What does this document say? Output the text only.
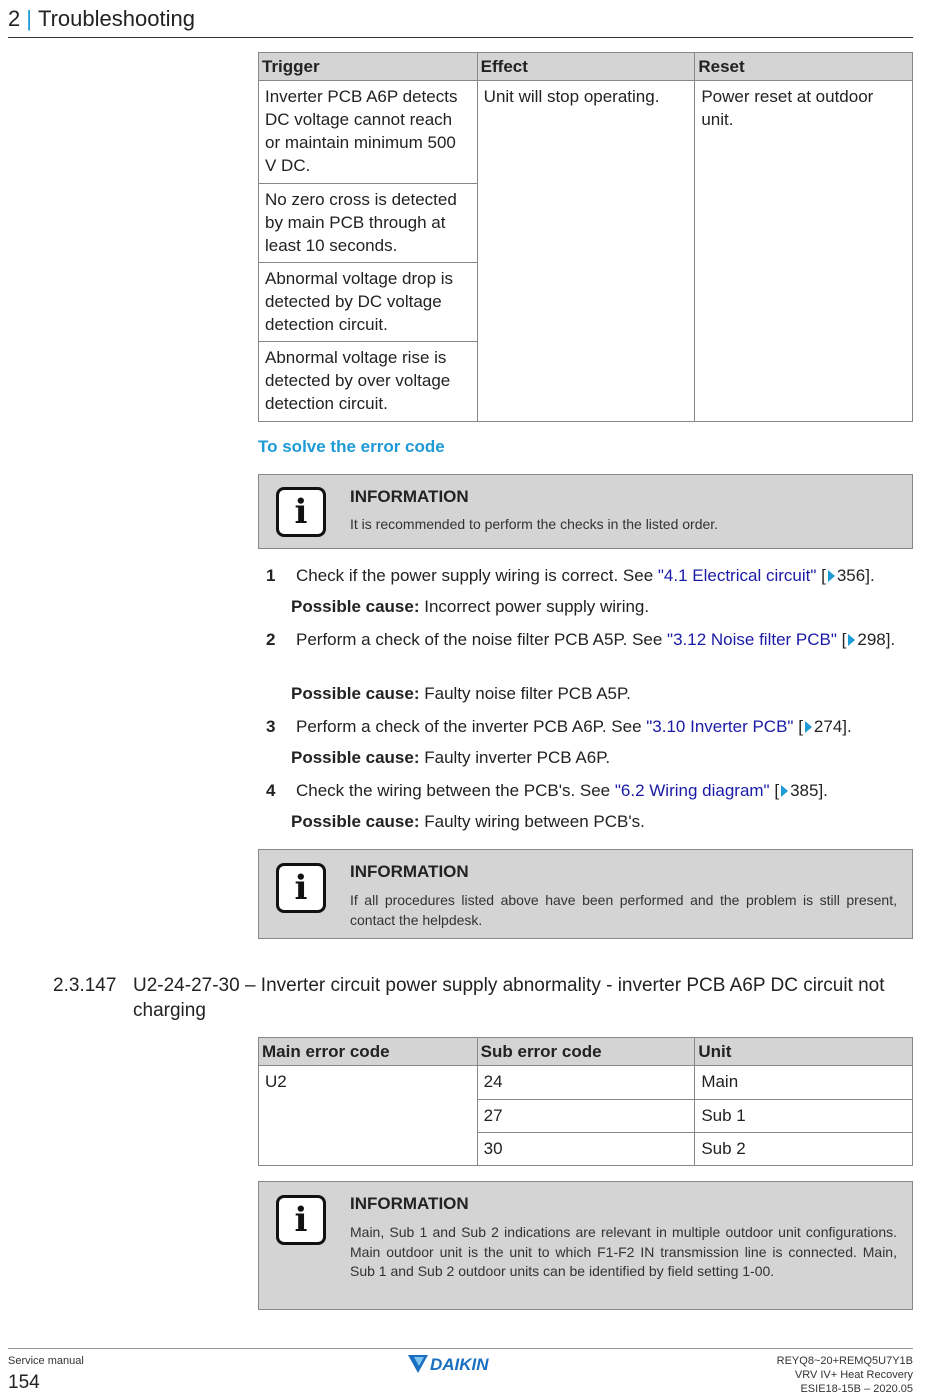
2 | Troubleshooting
Trigger	Effect	Reset
Inverter PCB A6P detects DC voltage cannot reach or maintain minimum 500 V DC.	Unit will stop operating.	Power reset at outdoor unit.
No zero cross is detected by main PCB through at least 10 seconds.		
Abnormal voltage drop is detected by DC voltage detection circuit.		
Abnormal voltage rise is detected by over voltage detection circuit.		
To solve the error code
i	INFORMATION
It is recommended to perform the checks in the listed order.
1 Check if the power supply wiring is correct. See "4.1 Electrical circuit" [ 356].
Possible cause: Incorrect power supply wiring.
2 Perform a check of the noise filter PCB A5P. See "3.12 Noise filter PCB" [ 298].
Possible cause: Faulty noise filter PCB A5P.
3 Perform a check of the inverter PCB A6P. See "3.10 Inverter PCB" [ 274].
Possible cause: Faulty inverter PCB A6P.
4 Check the wiring between the PCB's. See "6.2 Wiring diagram" [ 385].
Possible cause: Faulty wiring between PCB's.
i	INFORMATION
If all procedures listed above have been performed and the problem is still present, contact the helpdesk.
2.3.147 U2-24-27-30 – Inverter circuit power supply abnormality - inverter PCB A6P DC circuit not charging
Main error code	Sub error code	Unit
U2	24	Main
	27	Sub 1
	30	Sub 2
i	INFORMATION
Main, Sub 1 and Sub 2 indications are relevant in multiple outdoor unit configurations. Main outdoor unit is the unit to which F1-F2 IN transmission line is connected. Main, Sub 1 and Sub 2 outdoor units can be identified by field setting 1-00.
Service manual
154
DAIKIN	REYQ8~20+REMQ5U7Y1B
VRV IV+ Heat Recovery
ESIE18-15B – 2020.05
